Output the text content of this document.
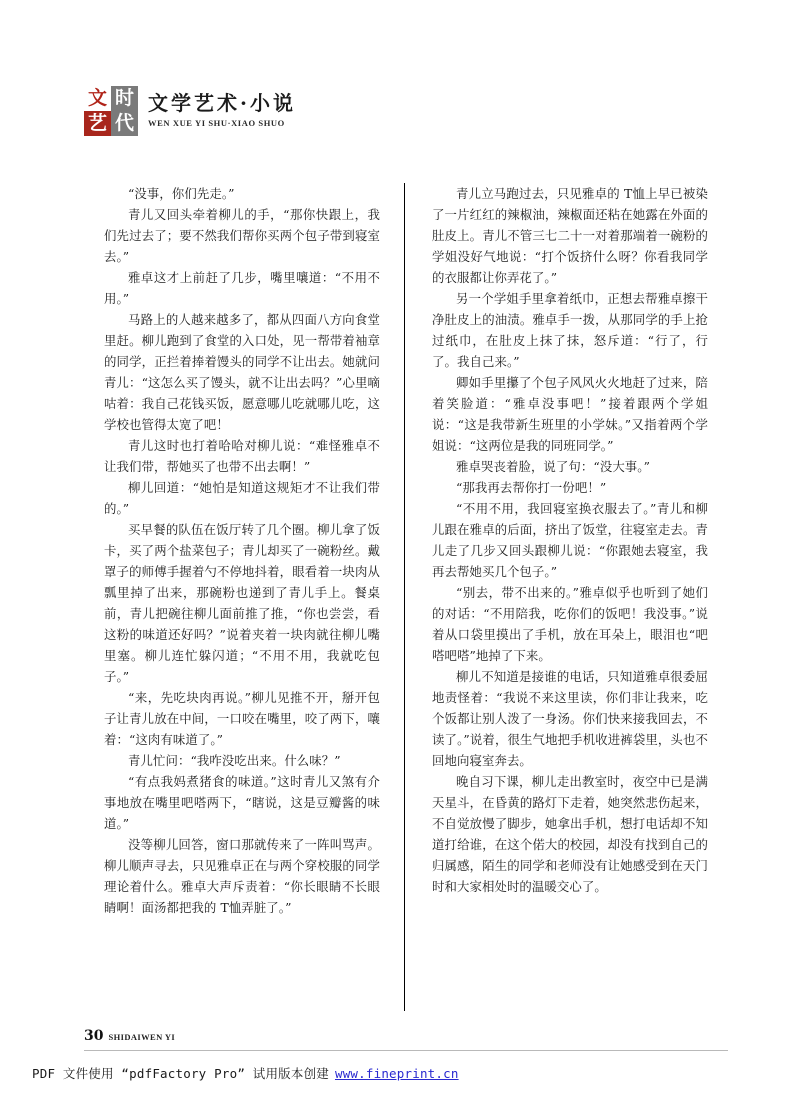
文 时
艺 代
文学艺术·小说
WEN XUE YI SHU·XIAO SHUO

“没事，你们先走。”

青儿又回头牵着柳儿的手，“那你快跟上，我们先过去了；要不然我们帮你买两个包子带到寝室去。”

雅卓这才上前赶了几步，嘴里嚷道：“不用不用。”

马路上的人越来越多了，都从四面八方向食堂里赶。柳儿跑到了食堂的入口处，见一帮带着袖章的同学，正拦着捧着馒头的同学不让出去。她就问青儿：“这怎么买了馒头，就不让出去吗？”心里嘀咕着：我自己花钱买饭，愿意哪儿吃就哪儿吃，这学校也管得太宽了吧！

青儿这时也打着哈哈对柳儿说：“难怪雅卓不让我们带，帮她买了也带不出去啊！”

柳儿回道：“她怕是知道这规矩才不让我们带的。”

买早餐的队伍在饭厅转了几个圈。柳儿拿了饭卡，买了两个盐菜包子；青儿却买了一碗粉丝。戴罩子的师傅手握着勺不停地抖着，眼看着一块肉从瓢里掉了出来，那碗粉也递到了青儿手上。餐桌前，青儿把碗往柳儿面前推了推，“你也尝尝，看这粉的味道还好吗？”说着夹着一块肉就往柳儿嘴里塞。柳儿连忙躲闪道；“不用不用，我就吃包子。”

“来，先吃块肉再说。”柳儿见推不开，掰开包子让青儿放在中间，一口咬在嘴里，咬了两下，嚷着：“这肉有味道了。”

青儿忙问：“我咋没吃出来。什么味？”

“有点我妈煮猪食的味道。”这时青儿又煞有介事地放在嘴里吧嗒两下，“瞎说，这是豆瓣酱的味道。”

没等柳儿回答，窗口那就传来了一阵叫骂声。柳儿顺声寻去，只见雅卓正在与两个穿校服的同学理论着什么。雅卓大声斥责着：“你长眼睛不长眼睛啊！面汤都把我的 T恤弄脏了。”

青儿立马跑过去，只见雅卓的 T恤上早已被染了一片红红的辣椒油，辣椒面还粘在她露在外面的肚皮上。青儿不管三七二十一对着那端着一碗粉的学姐没好气地说：“打个饭挤什么呀？你看我同学的衣服都让你弄花了。”

另一个学姐手里拿着纸巾，正想去帮雅卓擦干净肚皮上的油渍。雅卓手一拨，从那同学的手上抢过纸巾，在肚皮上抹了抹，怒斥道：“行了，行了。我自己来。”

卿如手里攥了个包子风风火火地赶了过来，陪着笑脸道：“雅卓没事吧！”接着跟两个学姐说：“这是我带新生班里的小学妹。”又指着两个学姐说：“这两位是我的同班同学。”

雅卓哭丧着脸，说了句：“没大事。”

“那我再去帮你打一份吧！”

“不用不用，我回寝室换衣服去了。”青儿和柳儿跟在雅卓的后面，挤出了饭堂，往寝室走去。青儿走了几步又回头跟柳儿说：“你跟她去寝室，我再去帮她买几个包子。”

“别去，带不出来的。”雅卓似乎也听到了她们的对话：“不用陪我，吃你们的饭吧！我没事。”说着从口袋里摸出了手机，放在耳朵上，眼泪也“吧嗒吧嗒”地掉了下来。

柳儿不知道是接谁的电话，只知道雅卓很委屈地责怪着：“我说不来这里读，你们非让我来，吃个饭都让别人泼了一身汤。你们快来接我回去，不读了。”说着，很生气地把手机收进裤袋里，头也不回地向寝室奔去。

晚自习下课，柳儿走出教室时，夜空中已是满天星斗，在昏黄的路灯下走着，她突然悲伤起来，不自觉放慢了脚步，她拿出手机，想打电话却不知道打给谁，在这个偌大的校园，却没有找到自己的归属感，陌生的同学和老师没有让她感受到在天门时和大家相处时的温暖交心了。

30 SHIDAIWEN YI
PDF 文件使用 “pdfFactory Pro” 试用版本创建 www.fineprint.cn
